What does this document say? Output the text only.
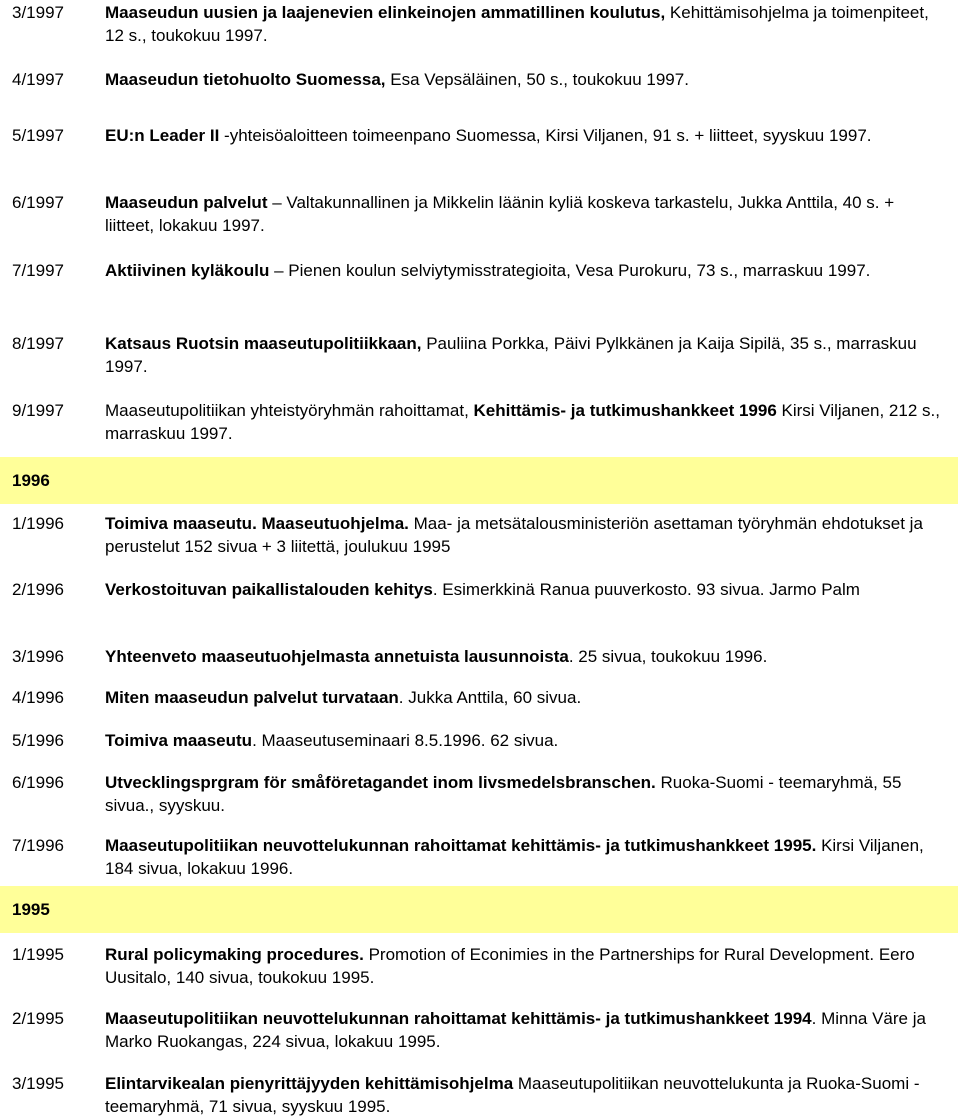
3/1997	Maaseudun uusien ja laajenevien elinkeinojen ammatillinen koulutus, Kehittämisohjelma ja toimenpiteet, 12 s., toukokuu 1997.
4/1997	Maaseudun tietohuolto Suomessa, Esa Vepsäläinen, 50 s., toukokuu 1997.
5/1997	EU:n Leader II -yhteisöaloitteen toimeenpano Suomessa, Kirsi Viljanen, 91 s. + liitteet, syyskuu 1997.
6/1997	Maaseudun palvelut – Valtakunnallinen ja Mikkelin läänin kyliä koskeva tarkastelu, Jukka Anttila, 40 s. + liitteet, lokakuu 1997.
7/1997	Aktiivinen kyläkoulu – Pienen koulun selviytymisstrategioita, Vesa Purokuru, 73 s., marraskuu 1997.
8/1997	Katsaus Ruotsin maaseutupolitiikkaan, Pauliina Porkka, Päivi Pylkkänen ja Kaija Sipilä, 35 s., marraskuu 1997.
9/1997	Maaseutupolitiikan yhteistyöryhmän rahoittamat, Kehittämis- ja tutkimushankkeet 1996 Kirsi Viljanen, 212 s., marraskuu 1997.
1996
1/1996	Toimiva maaseutu. Maaseutuohjelma. Maa- ja metsätalousministeriön asettaman työryhmän ehdotukset ja perustelut 152 sivua + 3 liitettä, joulukuu 1995
2/1996	Verkostoituvan paikallistalouden kehitys. Esimerkkinä Ranua puuverkosto. 93 sivua. Jarmo Palm
3/1996	Yhteenveto maaseutuohjelmasta annetuista lausunnoista. 25 sivua, toukokuu 1996.
4/1996	Miten maaseudun palvelut turvataan. Jukka Anttila, 60 sivua.
5/1996	Toimiva maaseutu. Maaseutuseminaari 8.5.1996. 62 sivua.
6/1996	Utvecklingsprgram för småföretagandet inom livsmedelsbranschen. Ruoka-Suomi - teemaryhmä, 55 sivua., syyskuu.
7/1996	Maaseutupolitiikan neuvottelukunnan rahoittamat kehittämis- ja tutkimushankkeet 1995. Kirsi Viljanen, 184 sivua, lokakuu 1996.
1995
1/1995	Rural policymaking procedures. Promotion of Econimies in the Partnerships for Rural Development. Eero Uusitalo, 140 sivua, toukokuu 1995.
2/1995	Maaseutupolitiikan neuvottelukunnan rahoittamat kehittämis- ja tutkimushankkeet 1994. Minna Väre ja Marko Ruokangas, 224 sivua, lokakuu 1995.
3/1995	Elintarvikealan pienyrittäjyyden kehittämisohjelma Maaseutupolitiikan neuvottelukunta ja Ruoka-Suomi -teemaryhmä, 71 sivua, syyskuu 1995.
